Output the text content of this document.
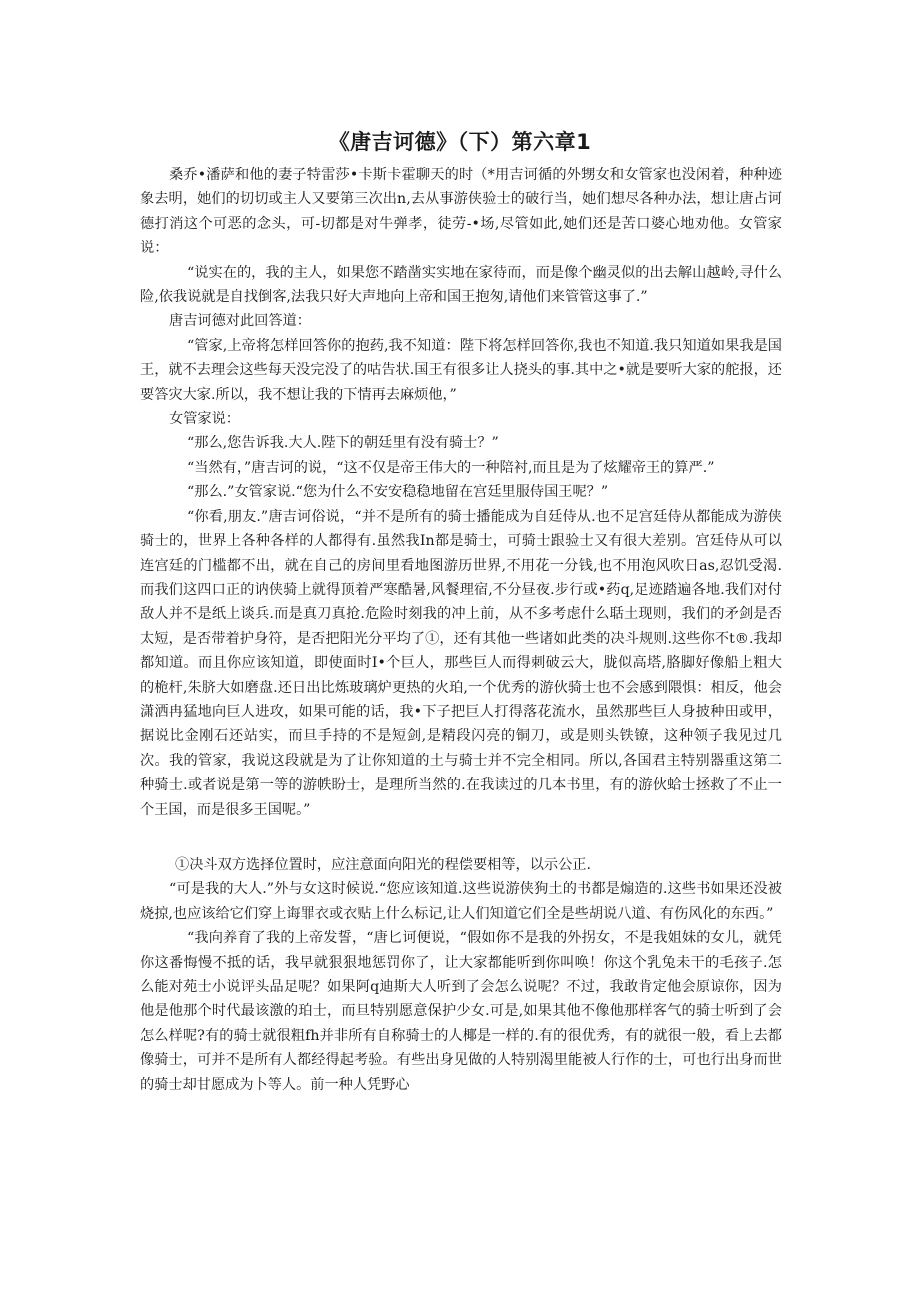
《唐吉诃德》（下）第六章1

桑乔•潘萨和他的妻子特雷莎•卡斯卡霍聊天的时（*用吉诃循的外甥女和女管家也没闲着，种种迹象去明，她们的切切或主人又要第三次出n,去从事游侠验士的破行当，她们想尽各种办法，想让唐占诃德打消这个可恶的念头，可-切都是对牛弹孝，徒劳-•场,尽管如此,她们还是苦口婆心地劝他。女管家说：

“说实在的，我的主人，如果您不踏凿实实地在家待而，而是像个幽灵似的出去解山越岭,寻什么险,依我说就是自找倒客,法我只好大声地向上帝和国王抱匆,请他们来管管这事了.”

唐吉诃德对此回答道：

“管家,上帝将怎样回答你的抱药,我不知道：陛下将怎样回答你,我也不知道.我只知道如果我是国王，就不去理会这些每天没完没了的咕告状.国王有很多让人挠头的事.其中之•就是要听大家的舵报，还要答灾大家.所以，我不想让我的下情再去麻烦他，”

女管家说：

“那么,您告诉我.大人.陛下的朝廷里有没有骑士？”

“当然有，”唐吉诃的说，“这不仅是帝王伟大的一种陪衬,而且是为了炫耀帝王的算严.”

“那么.”女管家说.“您为什么不安安稳稳地留在宫廷里服侍国王呢？”

“你看,朋友.”唐吉诃俗说，“并不是所有的骑士播能成为自廷侍从.也不足宫廷侍从都能成为游侠骑士的，世界上各种各样的人都得有.虽然我In都是骑士，可骑士跟验士又有很大差别。宫廷侍从可以连宫廷的门槛都不出，就在自己的房间里看地图游历世界,不用花一分钱,也不用泡风吹日as,忍饥受渴.而我们这四口正的讷侠骑上就得顶着严寒酷暑,风餐理宿,不分昼夜.步行或•药q,足迹踏遍各地.我们对付敌人并不是纸上谈兵.而是真刀真抢.危险时刻我的冲上前，从不多考虑什么聒土现则，我们的矛剑是否太短，是否带着护身符，是否把阳光分平均了①，还有其他一些诸如此类的决斗规则.这些你不t®.我却都知道。而且你应该知道，即使面时I•个巨人，那些巨人而得刺破云大，胧似高塔,胳脚好像船上粗大的桅杆,朱脐大如磨盘.还日出比炼玻璃炉更热的火珀,一个优秀的游伙骑士也不会感到隈惧：相反，他会潇洒冉猛地向巨人进攻，如果可能的话，我•下子把巨人打得落花流水，虽然那些巨人身披种田或甲，据说比金刚石还站实，而旦手持的不是短剑,是精段闪亮的铜刀，或是则头铁镣，这种领子我见过几次。我的管家，我说这段就是为了让你知道的土与骑士并不完全相同。所以,各国君主特别器重这第二种骑士.或者说是第一等的游帙盼士，是理所当然的.在我读过的几本书里，有的游伙蛤士拯救了不止一个王国，而是很多王国呢。”

①决斗双方选择位置时，应注意面向阳光的程偿要相等，以示公正.

“可是我的大人.”外与女这时候说.“您应该知道.这些说游侠狗土的书都是煽造的.这些书如果还没被烧掠,也应该给它们穿上诲罪衣或衣贴上什么标记,让人们知道它们全是些胡说八道、有伤风化的东西。”

“我向养育了我的上帝发誓，“唐匕诃便说，“假如你不是我的外拐女，不是我姐妹的女儿，就凭你这番悔慢不抵的话，我早就狠狠地惩罚你了，让大家都能听到你叫唤！你这个乳兔未干的毛孩子.怎么能对苑士小说评头品足呢？如果阿q迪斯大人听到了会怎么说呢？不过，我敢肯定他会原谅你，因为他是他那个时代最该激的珀士，而旦特别愿意保护少女.可是,如果其他不像他那样客气的骑士听到了会怎么样呢?有的骑士就很粗fh并非所有自称骑士的人椰是一样的.有的很优秀，有的就很一般，看上去都像骑士，可并不是所有人都经得起考验。有些出身见做的人特别渴里能被人行作的士，可也行出身而世的骑士却甘愿成为卜等人。前一种人凭野心
